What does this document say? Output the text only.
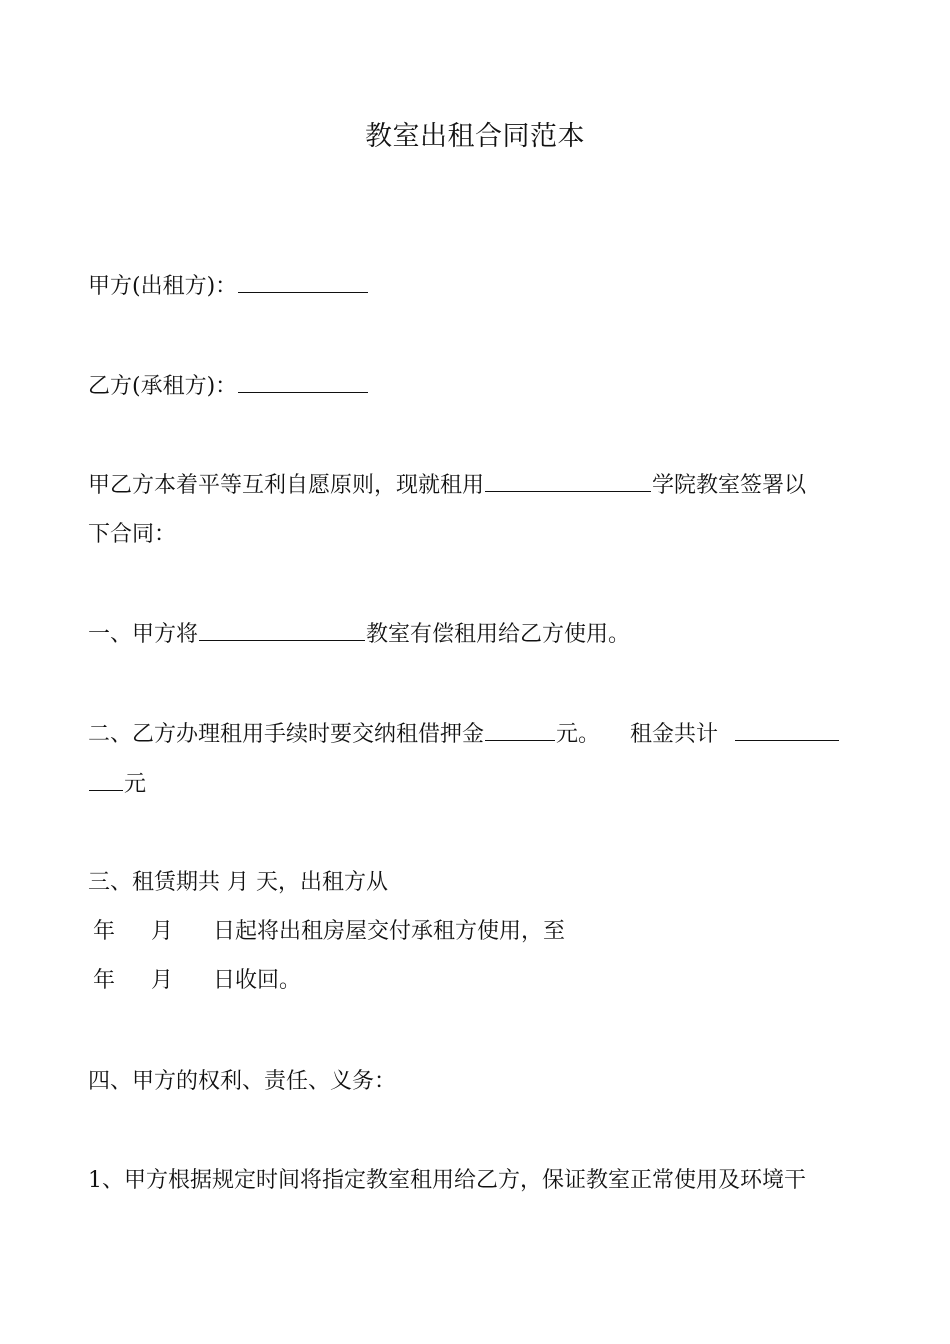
教室出租合同范本
甲方(出租方)：
乙方(承租方)：
甲乙方本着平等互利自愿原则，现就租用	学院教室签署以
下合同：
一、甲方将	教室有偿租用给乙方使用。
二、乙方办理租用手续时要交纳租借押金	元。 租金共计
元
三、租赁期共 月 天，出租方从
年 月 日起将出租房屋交付承租方使用，至
年 月 日收回。
四、甲方的权利、责任、义务：
1、甲方根据规定时间将指定教室租用给乙方，保证教室正常使用及环境干
